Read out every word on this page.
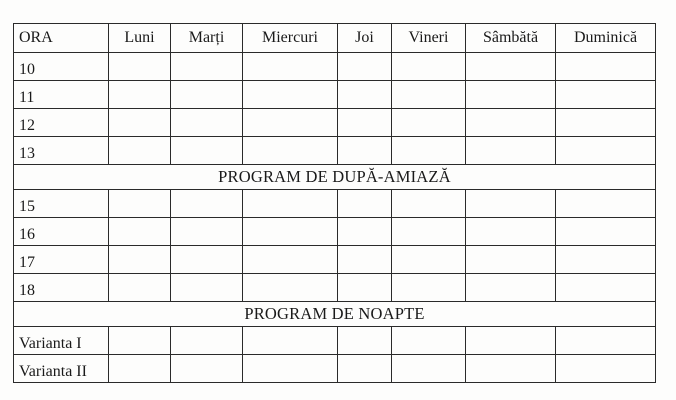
ORA	Luni	Marți	Miercuri	Joi	Vineri	Sâmbătă	Duminică
10							
11							
12							
13							
PROGRAM DE DUPĂ-AMIAZĂ							
15							
16							
17							
18							
PROGRAM DE NOAPTE							
Varianta I							
Varianta II							
